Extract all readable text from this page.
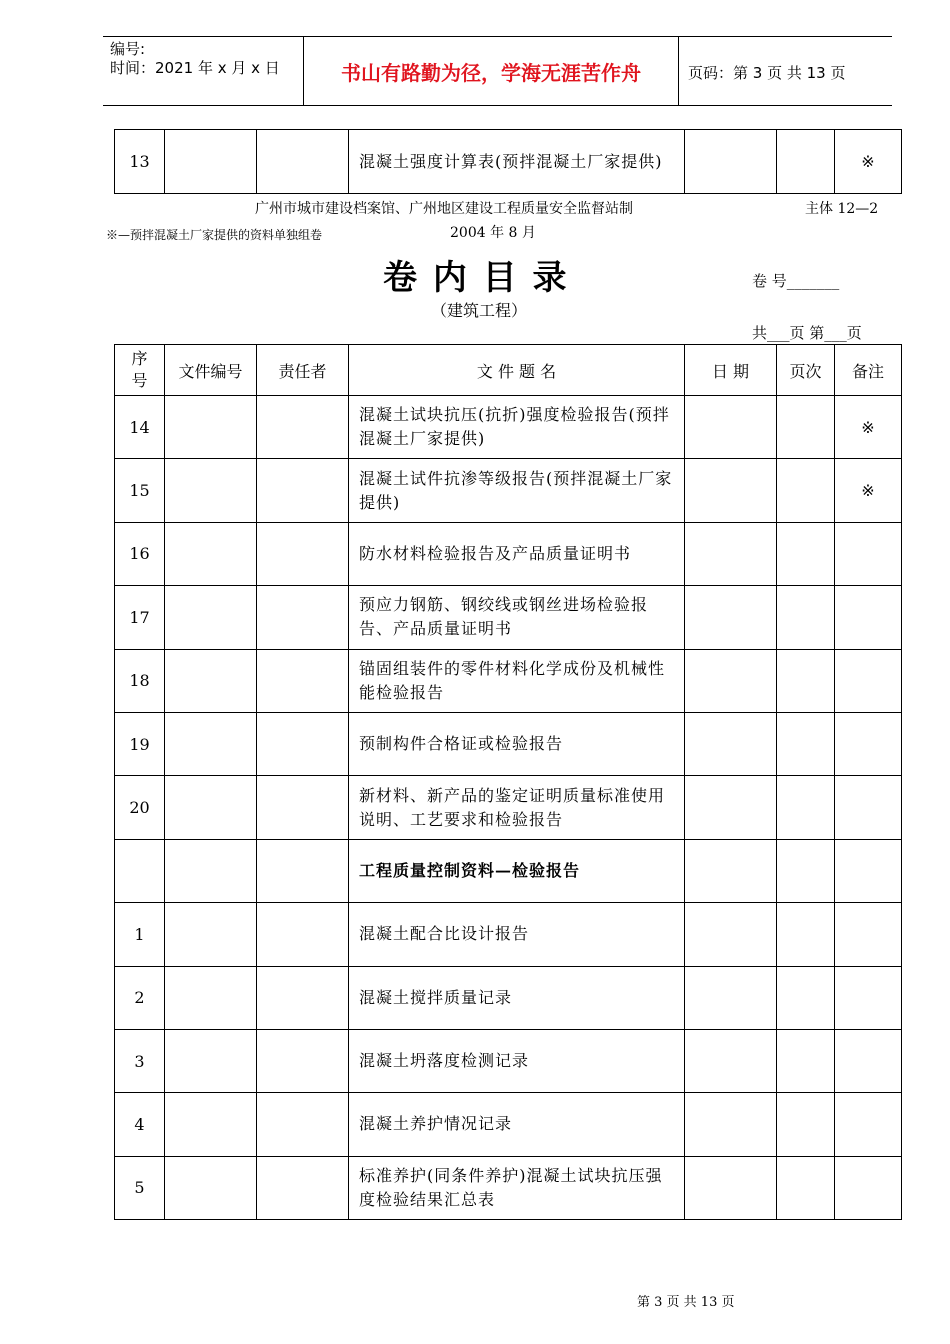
编号:
时间：2021 年 x 月 x 日	书山有路勤为径，学海无涯苦作舟	页码：第 3 页 共 13 页
13			混凝土强度计算表(预拌混凝土厂家提供)			※
广州市城市建设档案馆、广州地区建设工程质量安全监督站制	主体 12—2
※—预拌混凝土厂家提供的资料单独组卷	2004 年 8 月
卷 内 目 录	卷 号_______
（建筑工程）
共___页 第___页
序号	文件编号	责任者	文 件 题 名	日 期	页次	备注
14			混凝土试块抗压(抗折)强度检验报告(预拌混凝土厂家提供)			※
15			混凝土试件抗渗等级报告(预拌混凝土厂家提供)			※
16			防水材料检验报告及产品质量证明书			
17			预应力钢筋、钢绞线或钢丝进场检验报告、产品质量证明书			
18			锚固组装件的零件材料化学成份及机械性能检验报告			
19			预制构件合格证或检验报告			
20			新材料、新产品的鉴定证明质量标准使用说明、工艺要求和检验报告			
			工程质量控制资料—检验报告			
1			混凝土配合比设计报告			
2			混凝土搅拌质量记录			
3			混凝土坍落度检测记录			
4			混凝土养护情况记录			
5			标准养护(同条件养护)混凝土试块抗压强度检验结果汇总表			
第 3 页 共 13 页
